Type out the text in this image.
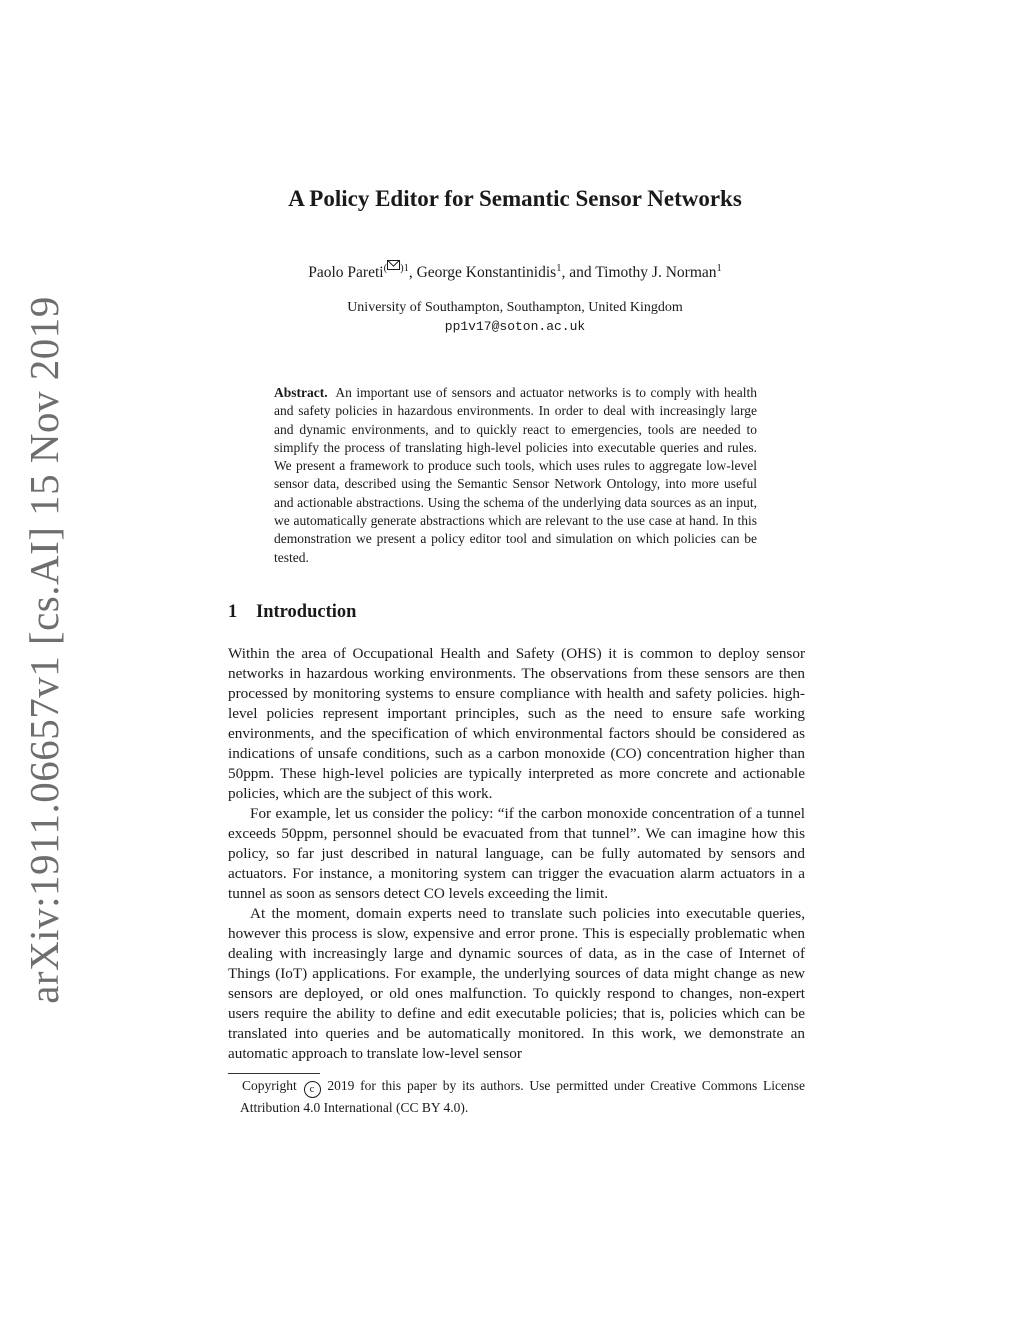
arXiv:1911.06657v1 [cs.AI] 15 Nov 2019
A Policy Editor for Semantic Sensor Networks
Paolo Pareti$^{( )1}$, George Konstantinidis$^1$, and Timothy J. Norman$^1$
University of Southampton, Southampton, United Kingdom
pp1v17@soton.ac.uk

Abstract. An important use of sensors and actuator networks is to comply with health and safety policies in hazardous environments. In order to deal with increasingly large and dynamic environments, and to quickly react to emergencies, tools are needed to simplify the process of translating high-level policies into executable queries and rules. We present a framework to produce such tools, which uses rules to aggregate low-level sensor data, described using the Semantic Sensor Network Ontology, into more useful and actionable abstractions. Using the schema of the underlying data sources as an input, we automatically generate abstractions which are relevant to the use case at hand. In this demonstration we present a policy editor tool and simulation on which policies can be tested.

1 Introduction

Within the area of Occupational Health and Safety (OHS) it is common to deploy sensor networks in hazardous working environments. The observations from these sensors are then processed by monitoring systems to ensure compliance with health and safety policies. high-level policies represent important principles, such as the need to ensure safe working environments, and the specification of which environmental factors should be considered as indications of unsafe conditions, such as a carbon monoxide (CO) concentration higher than 50ppm. These high-level policies are typically interpreted as more concrete and actionable policies, which are the subject of this work.

For example, let us consider the policy: “if the carbon monoxide concentration of a tunnel exceeds 50ppm, personnel should be evacuated from that tunnel”. We can imagine how this policy, so far just described in natural language, can be fully automated by sensors and actuators. For instance, a monitoring system can trigger the evacuation alarm actuators in a tunnel as soon as sensors detect CO levels exceeding the limit.

At the moment, domain experts need to translate such policies into executable queries, however this process is slow, expensive and error prone. This is especially problematic when dealing with increasingly large and dynamic sources of data, as in the case of Internet of Things (IoT) applications. For example, the underlying sources of data might change as new sensors are deployed, or old ones malfunction. To quickly respond to changes, non-expert users require the ability to define and edit executable policies; that is, policies which can be translated into queries and be automatically monitored. In this work, we demonstrate an automatic approach to translate low-level sensor

Copyright c 2019 for this paper by its authors. Use permitted under Creative Commons License Attribution 4.0 International (CC BY 4.0).
